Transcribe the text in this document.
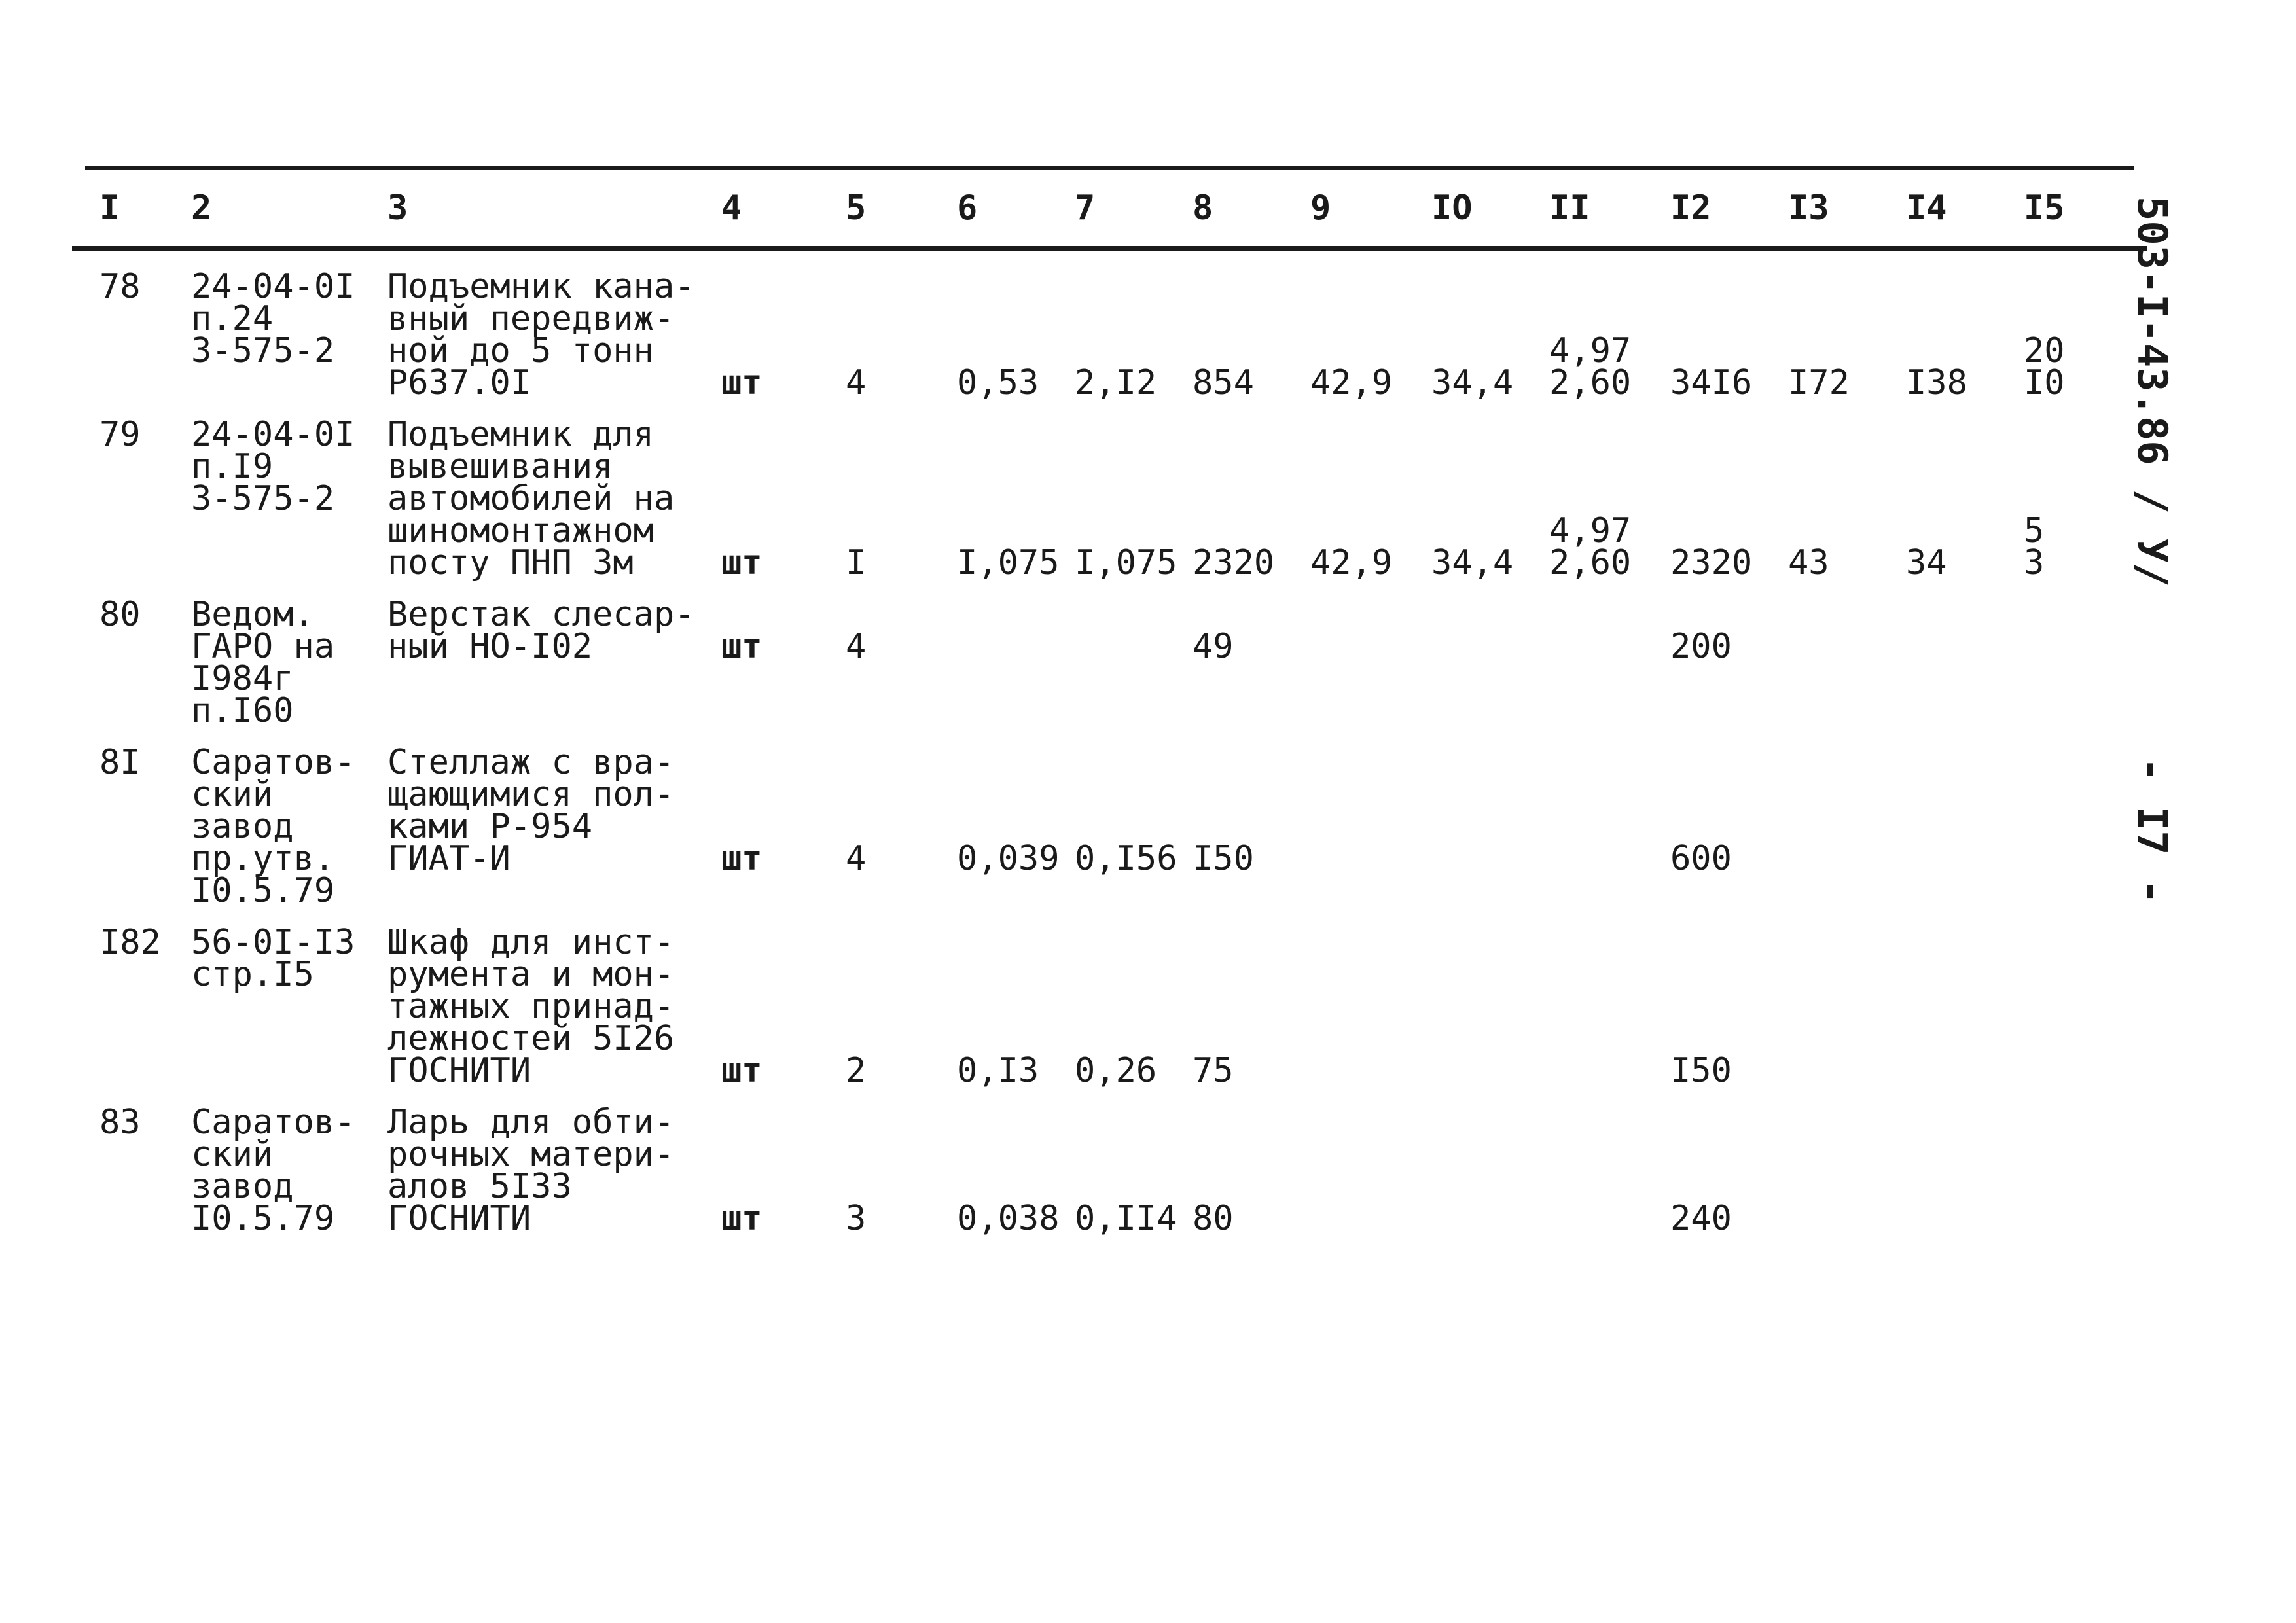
I	2	3	4	5	6	7	8	9	IO	II	I2	I3	I4	I5
78	24-04-0I
п.24
3-575-2	Подъемник кана-
вный передвиж-
ной до 5 тонн
Р637.0I	шт	4	0,53	2,I2	854	42,9	34,4	4,97
2,60	34I6	I72	I38	20
I0
79	24-04-0I
п.I9
3-575-2	Подъемник для
вывешивания
автомобилей на
шиномонтажном
посту ПНП 3м	шт	I	I,075	I,075	2320	42,9	34,4	4,97
2,60	2320	43	34	5
3
80	Ведом.
ГАРО на
I984г
п.I60	Верстак слесар-
ный НО-I02	шт	4			49				200			
8I	Саратов-
ский
завод
пр.утв.
I0.5.79	Стеллаж с вра-
щающимися пол-
ками Р-954
ГИАТ-И	шт	4	0,039	0,I56	I50				600			
I82	56-0I-I3
стр.I5	Шкаф для инст-
румента и мон-
тажных принад-
лежностей 5I26
ГОСНИТИ	шт	2	0,I3	0,26	75				I50			
83	Саратов-
ский
завод
I0.5.79	Ларь для обти-
рочных матери-
алов 5I33
ГОСНИТИ	шт	3	0,038	0,II4	80				240			
503-I-43.86 / У/
- I7 -
